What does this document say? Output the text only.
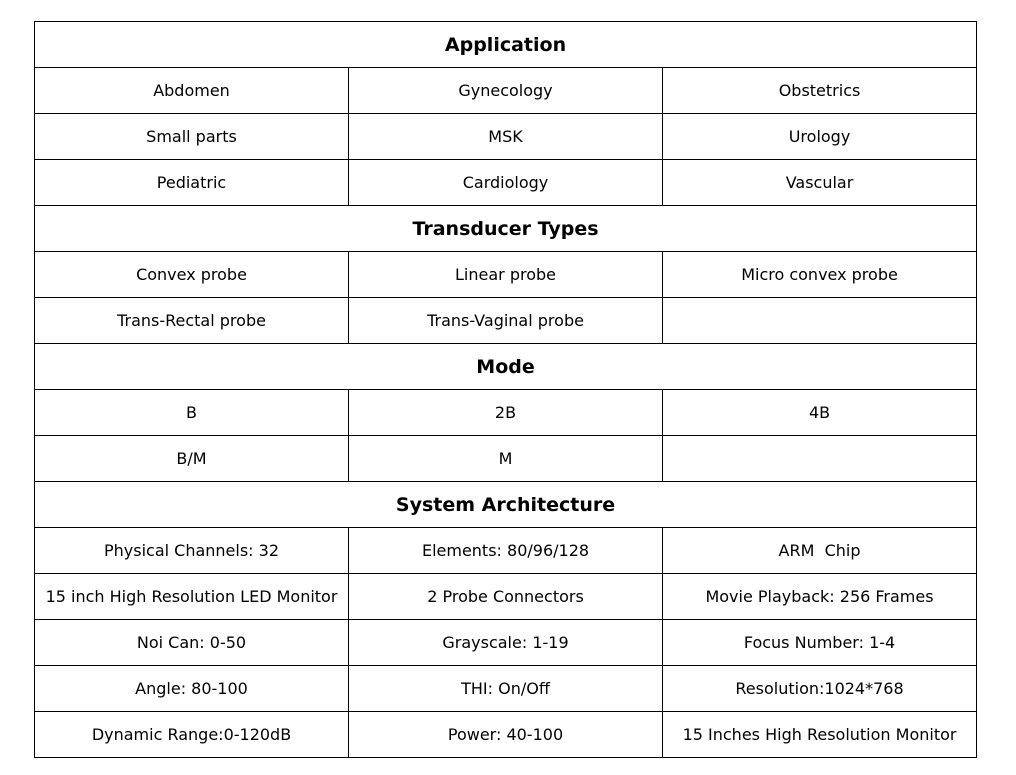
Application		
Abdomen	Gynecology	Obstetrics
Small parts	MSK	Urology
Pediatric	Cardiology	Vascular
Transducer Types		
Convex probe	Linear probe	Micro convex probe
Trans-Rectal probe	Trans-Vaginal probe	
Mode		
B	2B	4B
B/M	M	
System Architecture		
Physical Channels: 32	Elements: 80/96/128	ARM  Chip
15 inch High Resolution LED Monitor	2 Probe Connectors	Movie Playback: 256 Frames
Noi Can: 0-50	Grayscale: 1-19	Focus Number: 1-4
Angle: 80-100	THI: On/Off	Resolution:1024*768
Dynamic Range:0-120dB	Power: 40-100	15 Inches High Resolution Monitor
